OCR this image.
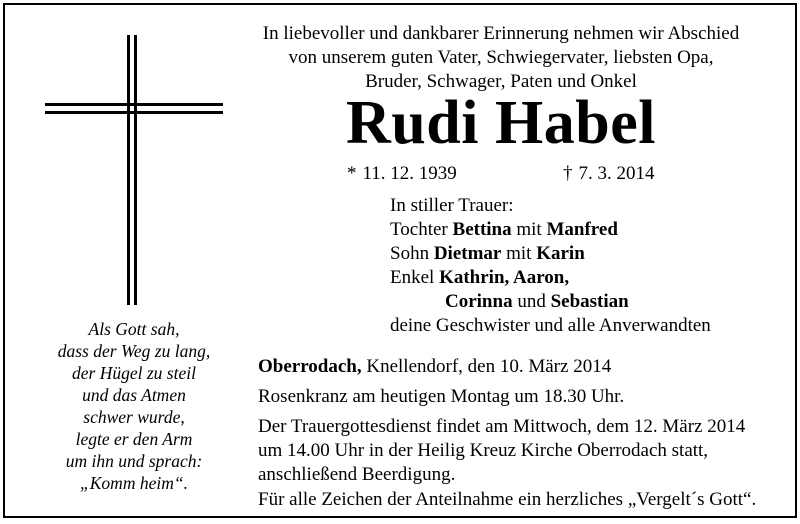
Als Gott sah,
dass der Weg zu lang,
der Hügel zu steil
und das Atmen
schwer wurde,
legte er den Arm
um ihn und sprach:
„Komm heim“.
In liebevoller und dankbarer Erinnerung nehmen wir Abschied
von unserem guten Vater, Schwiegervater, liebsten Opa,
Bruder, Schwager, Paten und Onkel
Rudi Habel
* 11. 12. 1939	† 7. 3. 2014
In stiller Trauer:
Tochter Bettina mit Manfred
Sohn Dietmar mit Karin
Enkel Kathrin, Aaron,
Corinna und Sebastian
deine Geschwister und alle Anverwandten
Oberrodach, Knellendorf, den 10. März 2014
Rosenkranz am heutigen Montag um 18.30 Uhr.
Der Trauergottesdienst findet am Mittwoch, dem 12. März 2014
um 14.00 Uhr in der Heilig Kreuz Kirche Oberrodach statt,
anschließend Beerdigung.
Für alle Zeichen der Anteilnahme ein herzliches „Vergelt´s Gott“.
